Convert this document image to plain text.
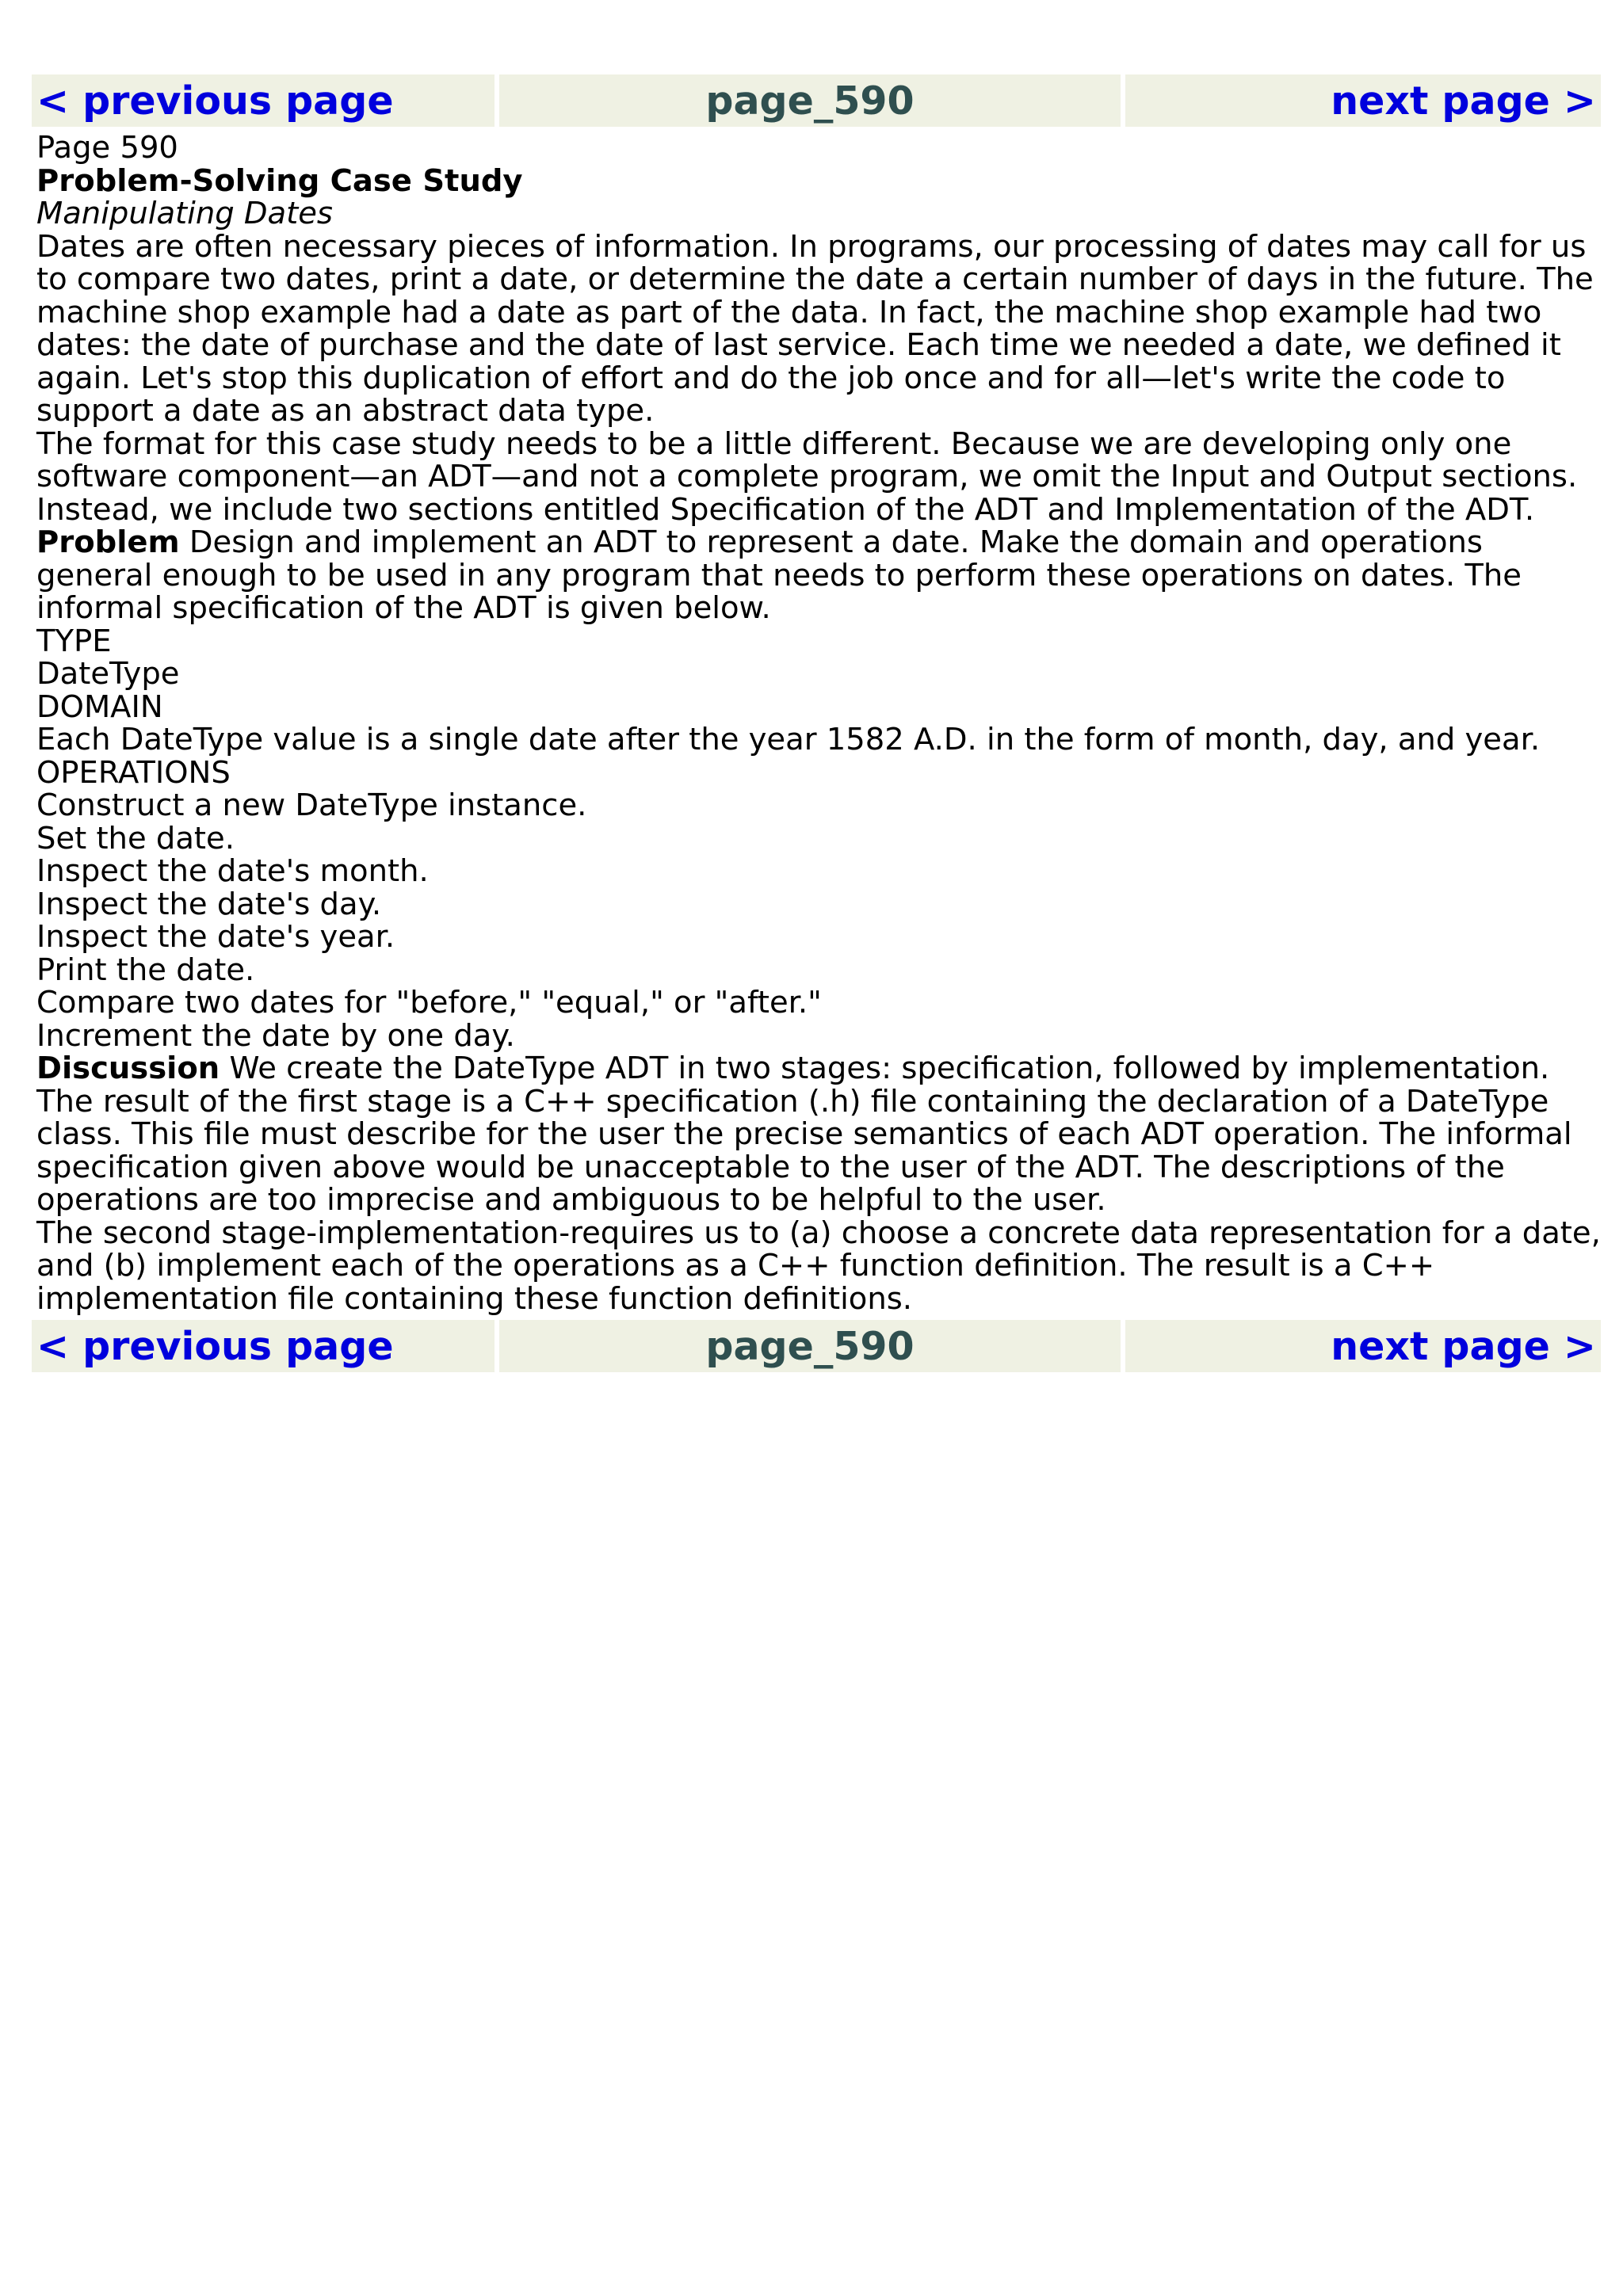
< previous page	page_590	next page >

Page 590

Problem-Solving Case Study

Manipulating Dates

Dates are often necessary pieces of information. In programs, our processing of dates may call for us to compare two dates, print a date, or determine the date a certain number of days in the future. The machine shop example had a date as part of the data. In fact, the machine shop example had two dates: the date of purchase and the date of last service. Each time we needed a date, we defined it again. Let's stop this duplication of effort and do the job once and for all—let's write the code to support a date as an abstract data type.

The format for this case study needs to be a little different. Because we are developing only one software component—an ADT—and not a complete program, we omit the Input and Output sections. Instead, we include two sections entitled Specification of the ADT and Implementation of the ADT.

Problem Design and implement an ADT to represent a date. Make the domain and operations general enough to be used in any program that needs to perform these operations on dates. The informal specification of the ADT is given below.

TYPE

DateType

DOMAIN

Each DateType value is a single date after the year 1582 A.D. in the form of month, day, and year.

OPERATIONS

Construct a new DateType instance.

Set the date.

Inspect the date's month.

Inspect the date's day.

Inspect the date's year.

Print the date.

Compare two dates for "before," "equal," or "after."

Increment the date by one day.

Discussion We create the DateType ADT in two stages: specification, followed by implementation. The result of the first stage is a C++ specification (.h) file containing the declaration of a DateType class. This file must describe for the user the precise semantics of each ADT operation. The informal specification given above would be unacceptable to the user of the ADT. The descriptions of the operations are too imprecise and ambiguous to be helpful to the user.

The second stage-implementation-requires us to (a) choose a concrete data representation for a date, and (b) implement each of the operations as a C++ function definition. The result is a C++ implementation file containing these function definitions.

< previous page	page_590	next page >
